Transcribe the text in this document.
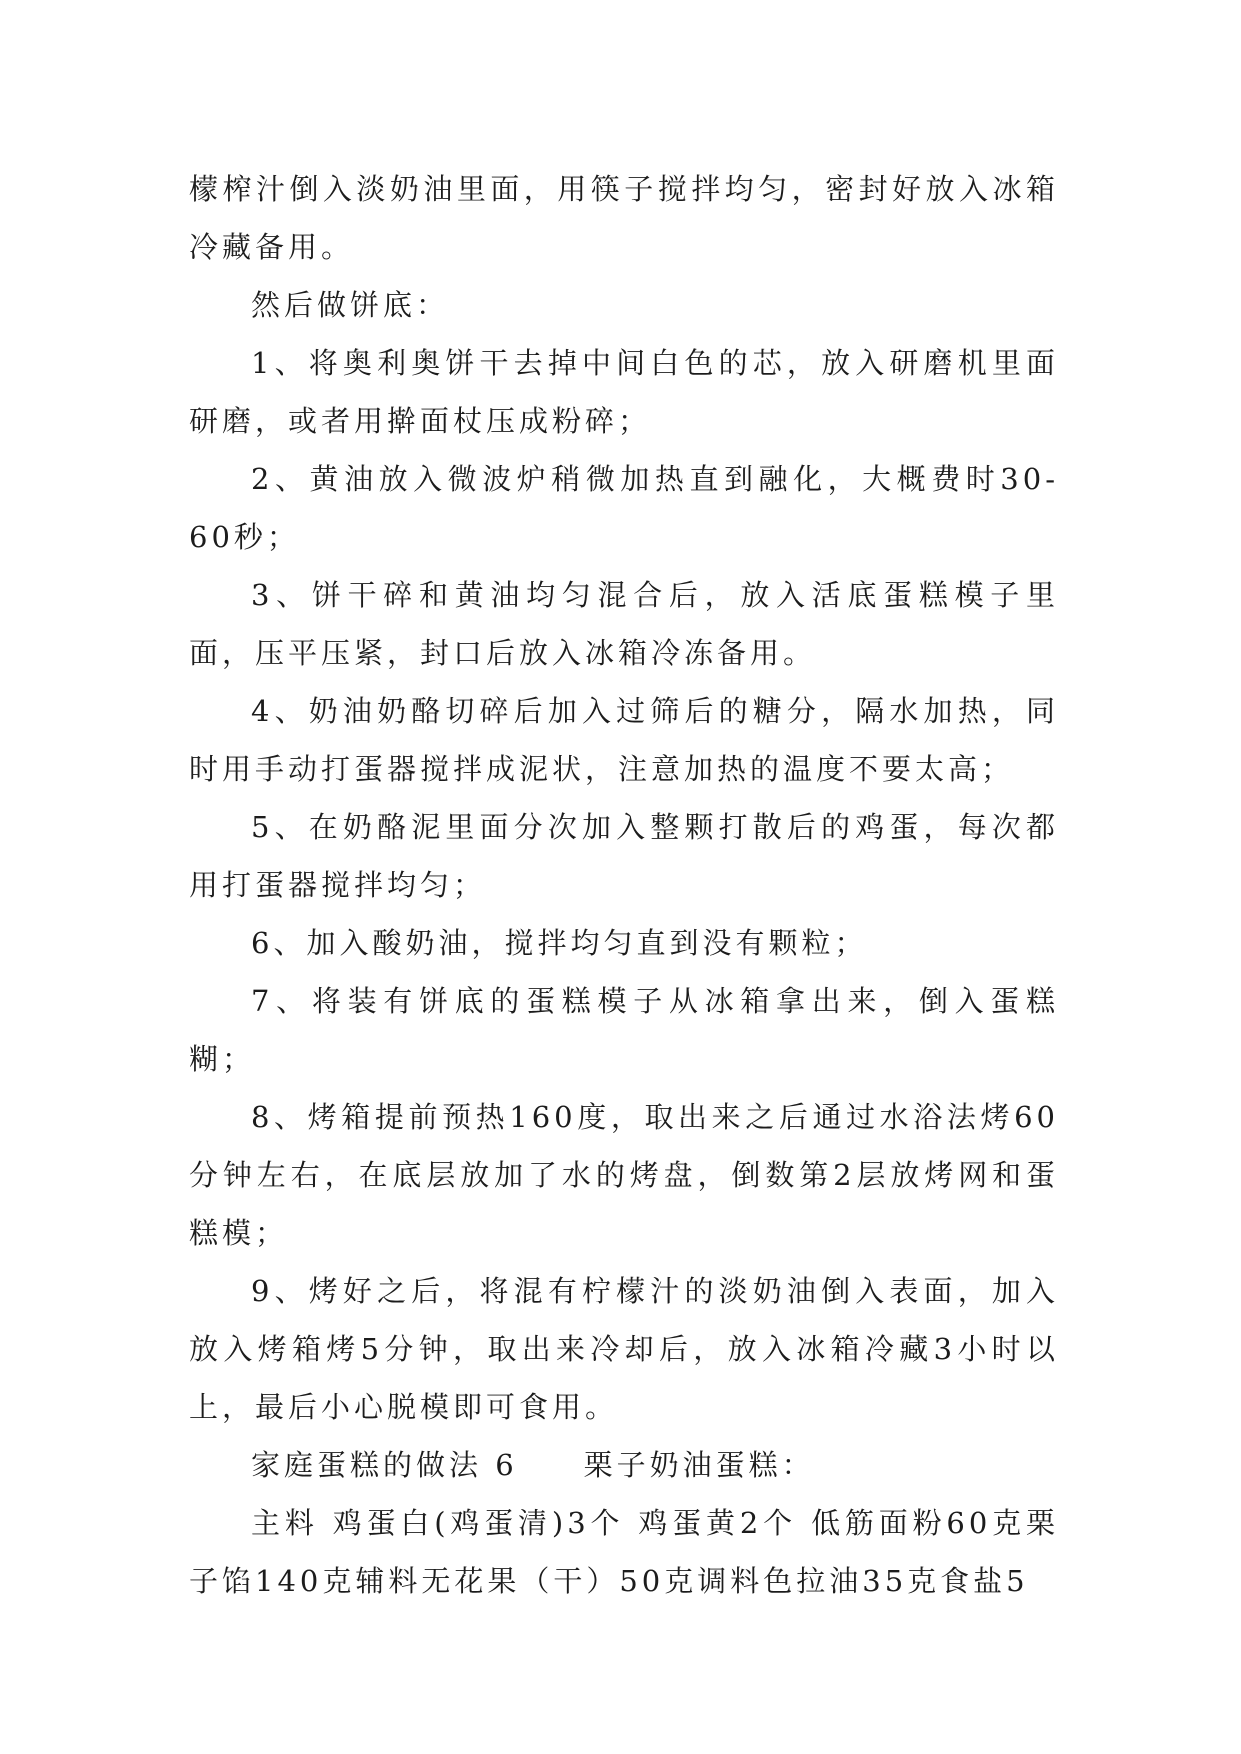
檬榨汁倒入淡奶油里面，用筷子搅拌均匀，密封好放入冰箱冷藏备用。

然后做饼底：

1、将奥利奥饼干去掉中间白色的芯，放入研磨机里面研磨，或者用擀面杖压成粉碎；

2、黄油放入微波炉稍微加热直到融化，大概费时30-60秒；

3、饼干碎和黄油均匀混合后，放入活底蛋糕模子里面，压平压紧，封口后放入冰箱冷冻备用。

4、奶油奶酪切碎后加入过筛后的糖分，隔水加热，同时用手动打蛋器搅拌成泥状，注意加热的温度不要太高；

5、在奶酪泥里面分次加入整颗打散后的鸡蛋，每次都用打蛋器搅拌均匀；

6、加入酸奶油，搅拌均匀直到没有颗粒；

7、将装有饼底的蛋糕模子从冰箱拿出来，倒入蛋糕糊；

8、烤箱提前预热160度，取出来之后通过水浴法烤60分钟左右，在底层放加了水的烤盘，倒数第2层放烤网和蛋糕模；

9、烤好之后，将混有柠檬汁的淡奶油倒入表面，加入放入烤箱烤5分钟，取出来冷却后，放入冰箱冷藏3小时以上，最后小心脱模即可食用。

家庭蛋糕的做法 6　　栗子奶油蛋糕：

主料 鸡蛋白(鸡蛋清)3个 鸡蛋黄2个 低筋面粉60克栗子馅140克辅料无花果（干）50克调料色拉油35克食盐5
